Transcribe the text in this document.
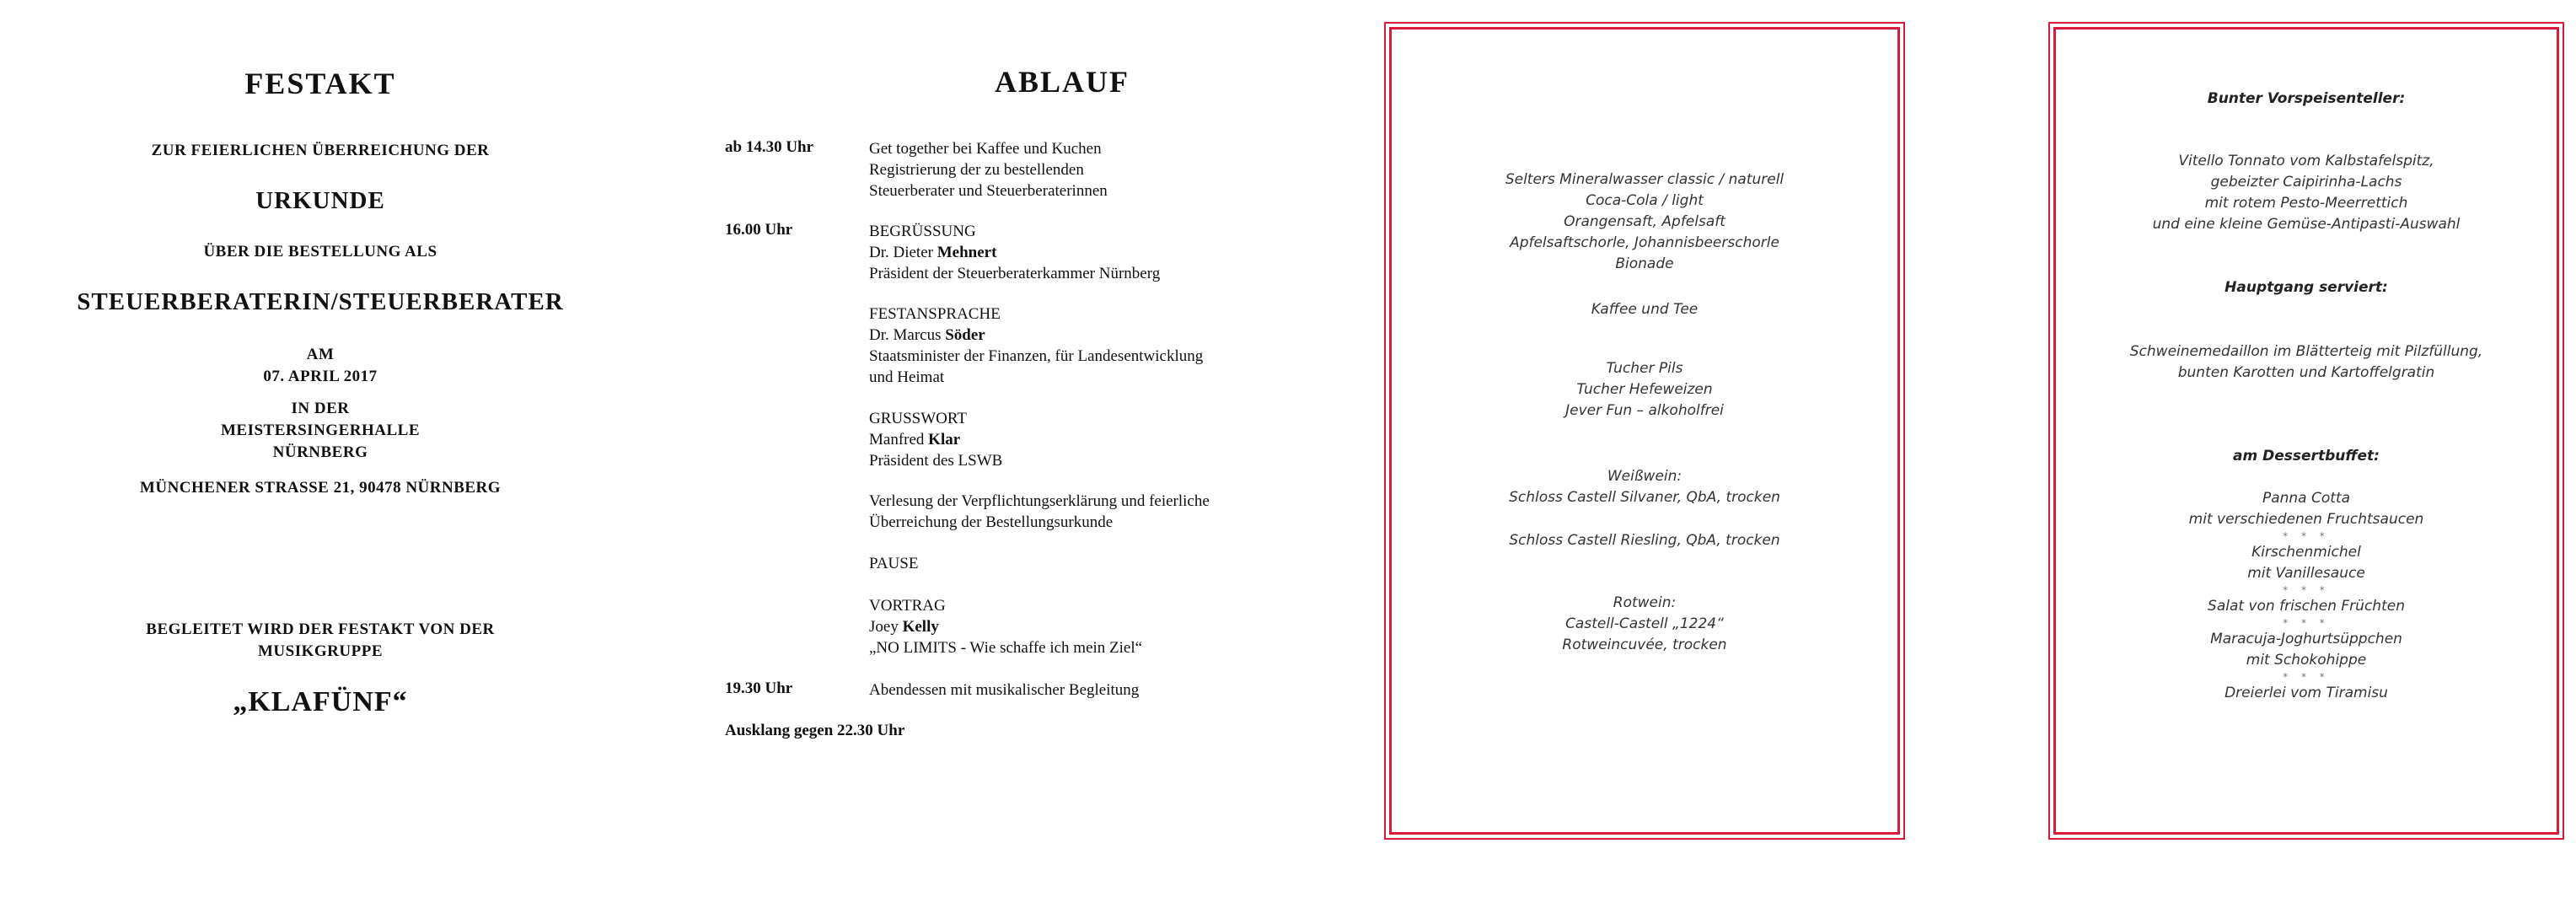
FESTAKT
ZUR FEIERLICHEN ÜBERREICHUNG DER
URKUNDE
ÜBER DIE BESTELLUNG ALS
STEUERBERATERIN/STEUERBERATER
AM
07. APRIL 2017
IN DER
MEISTERSINGERHALLE
NÜRNBERG
MÜNCHENER STRASSE 21, 90478 NÜRNBERG
BEGLEITET WIRD DER FESTAKT VON DER
MUSIKGRUPPE
„KLAFÜNF“
ABLAUF
ab 14.30 Uhr	Get together bei Kaffee und Kuchen
Registrierung der zu bestellenden
Steuerberater und Steuerberaterinnen
16.00 Uhr	BEGRÜSSUNG
Dr. Dieter Mehnert
Präsident der Steuerberaterkammer Nürnberg
FESTANSPRACHE
Dr. Marcus Söder
Staatsminister der Finanzen, für Landesentwicklung
und Heimat
GRUSSWORT
Manfred Klar
Präsident des LSWB
Verlesung der Verpflichtungserklärung und feierliche
Überreichung der Bestellungsurkunde
PAUSE
VORTRAG
Joey Kelly
„NO LIMITS - Wie schaffe ich mein Ziel“
19.30 Uhr	Abendessen mit musikalischer Begleitung
Ausklang gegen 22.30 Uhr
Selters Mineralwasser classic / naturell
Coca-Cola / light
Orangensaft, Apfelsaft
Apfelsaftschorle, Johannisbeerschorle
Bionade
Kaffee und Tee
Tucher Pils
Tucher Hefeweizen
Jever Fun – alkoholfrei
Weißwein:
Schloss Castell Silvaner, QbA, trocken
Schloss Castell Riesling, QbA, trocken
Rotwein:
Castell-Castell „1224“
Rotweincuvée, trocken
Bunter Vorspeisenteller:
Vitello Tonnato vom Kalbstafelspitz,
gebeizter Caipirinha-Lachs
mit rotem Pesto-Meerrettich
und eine kleine Gemüse-Antipasti-Auswahl
Hauptgang serviert:
Schweinemedaillon im Blätterteig mit Pilzfüllung,
bunten Karotten und Kartoffelgratin
am Dessertbuffet:
Panna Cotta
mit verschiedenen Fruchtsaucen
* * *
Kirschenmichel
mit Vanillesauce
* * *
Salat von frischen Früchten
* * *
Maracuja-Joghurtsüppchen
mit Schokohippe
* * *
Dreierlei vom Tiramisu
